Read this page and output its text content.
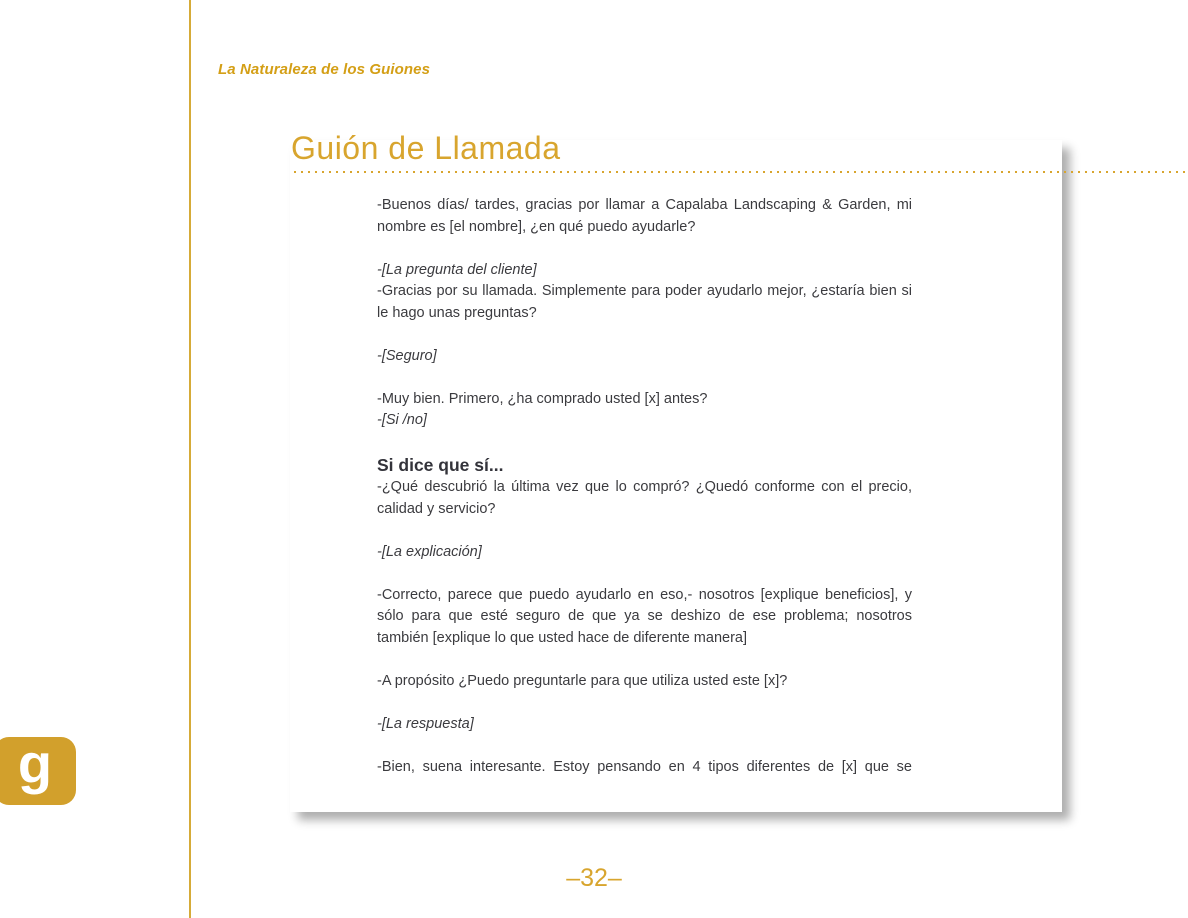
La Naturaleza de los Guiones
Guión de Llamada

-Buenos días/ tardes, gracias por llamar a Capalaba Landscaping & Garden, mi nombre es [el nombre], ¿en qué puedo ayudarle?

-[La pregunta del cliente]

-Gracias por su llamada. Simplemente para poder ayudarlo mejor, ¿estaría bien si le hago unas preguntas?

-[Seguro]

-Muy bien. Primero, ¿ha comprado usted [x] antes?

-[Si /no]

Si dice que sí...

-¿Qué descubrió la última vez que lo compró? ¿Quedó conforme con el precio, calidad y servicio?

-[La explicación]

-Correcto, parece que puedo ayudarlo en eso,- nosotros [explique beneficios], y sólo para que esté seguro de que ya se deshizo de ese problema; nosotros también [explique lo que usted hace de diferente manera]

-A propósito ¿Puedo preguntarle para que utiliza usted este [x]?

-[La respuesta]

-Bien, suena interesante. Estoy pensando en 4 tipos diferentes de [x] que se

g
–32–
